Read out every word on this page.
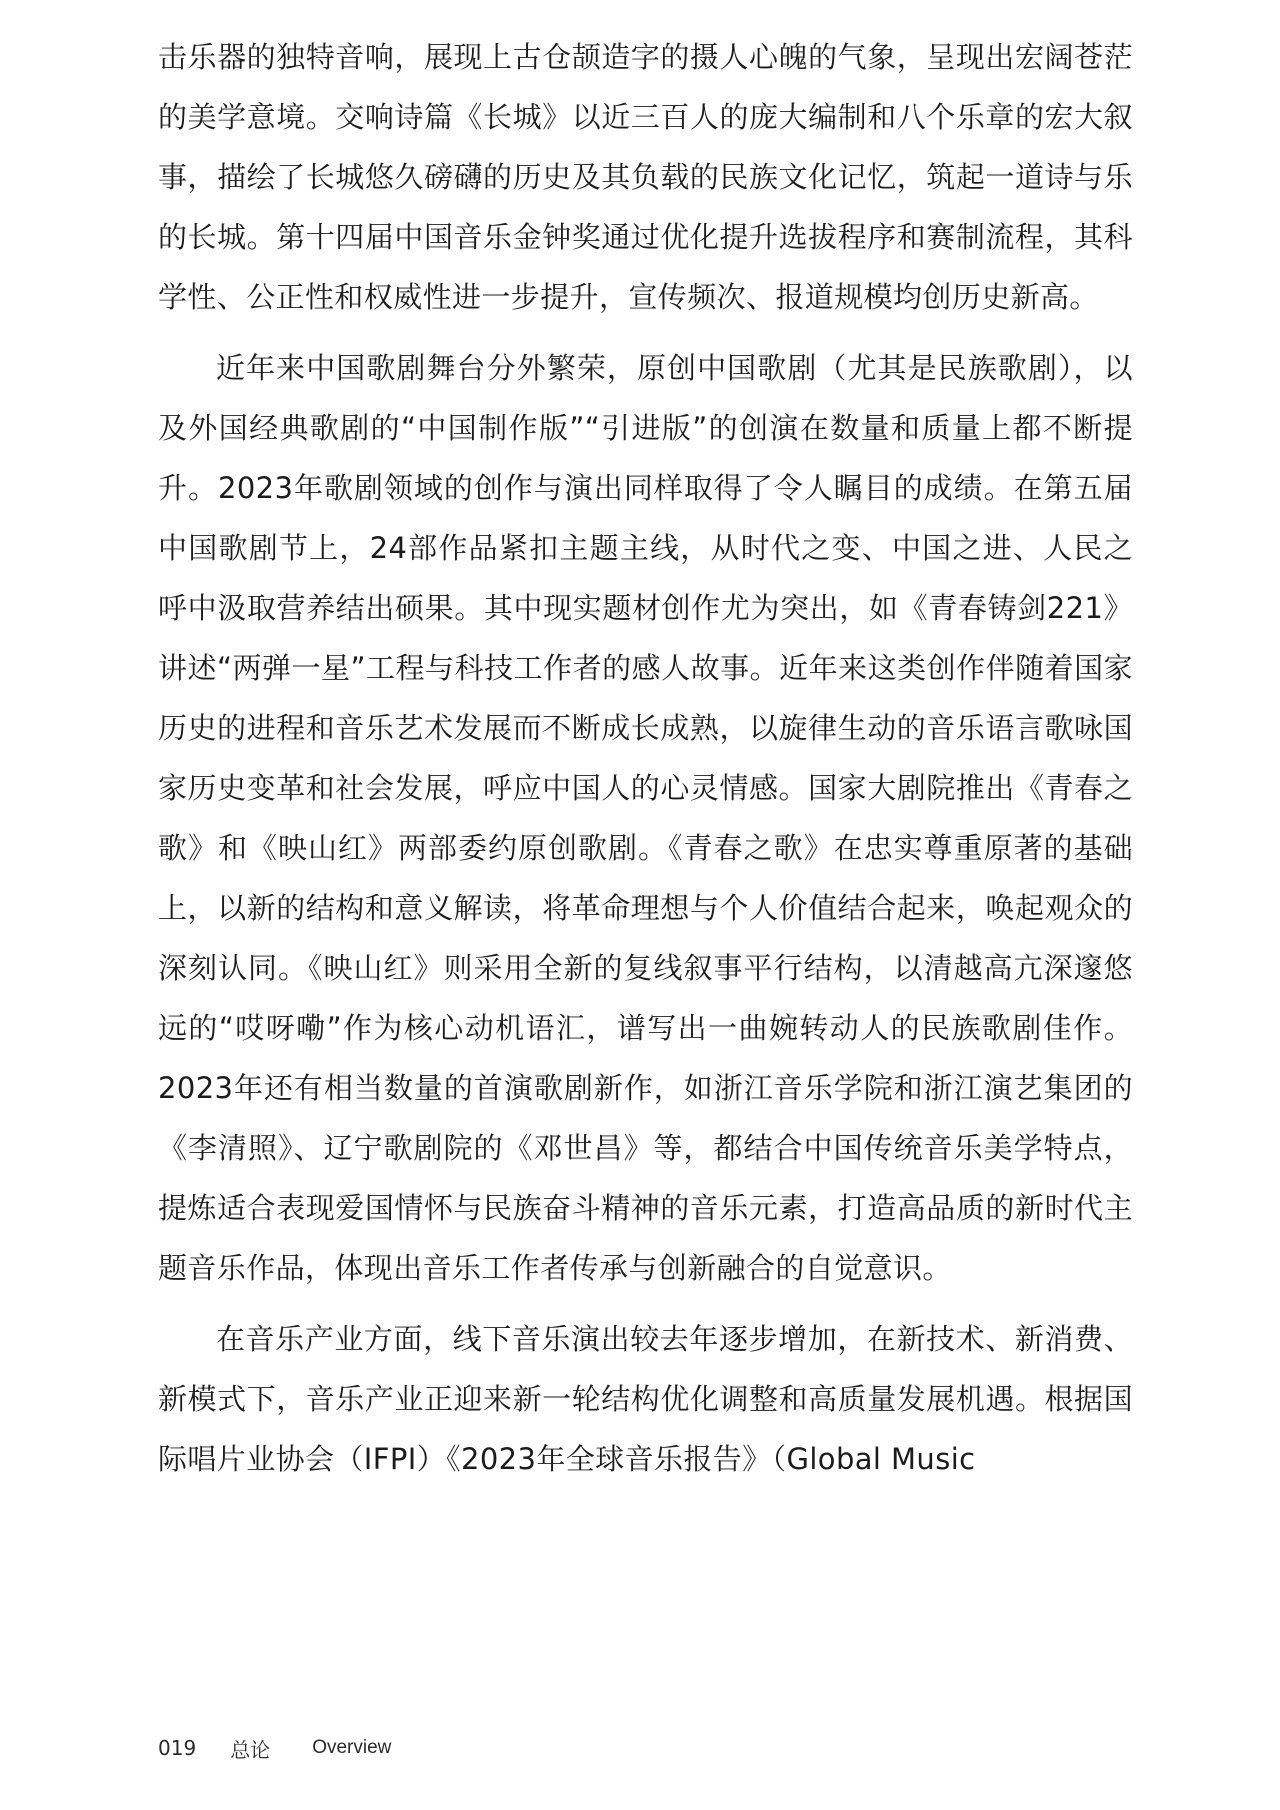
击乐器的独特音响，展现上古仓颉造字的摄人心魄的气象，呈现出宏阔苍茫的美学意境。交响诗篇《长城》以近三百人的庞大编制和八个乐章的宏大叙事，描绘了长城悠久磅礴的历史及其负载的民族文化记忆，筑起一道诗与乐的长城。第十四届中国音乐金钟奖通过优化提升选拔程序和赛制流程，其科学性、公正性和权威性进一步提升，宣传频次、报道规模均创历史新高。

近年来中国歌剧舞台分外繁荣，原创中国歌剧（尤其是民族歌剧），以及外国经典歌剧的“中国制作版”“引进版”的创演在数量和质量上都不断提升。2023年歌剧领域的创作与演出同样取得了令人瞩目的成绩。在第五届中国歌剧节上，24部作品紧扣主题主线，从时代之变、中国之进、人民之呼中汲取营养结出硕果。其中现实题材创作尤为突出，如《青春铸剑221》讲述“两弹一星”工程与科技工作者的感人故事。近年来这类创作伴随着国家历史的进程和音乐艺术发展而不断成长成熟，以旋律生动的音乐语言歌咏国家历史变革和社会发展，呼应中国人的心灵情感。国家大剧院推出《青春之歌》和《映山红》两部委约原创歌剧。《青春之歌》在忠实尊重原著的基础上，以新的结构和意义解读，将革命理想与个人价值结合起来，唤起观众的深刻认同。《映山红》则采用全新的复线叙事平行结构，以清越高亢深邃悠远的“哎呀嘞”作为核心动机语汇，谱写出一曲婉转动人的民族歌剧佳作。2023年还有相当数量的首演歌剧新作，如浙江音乐学院和浙江演艺集团的《李清照》、辽宁歌剧院的《邓世昌》等，都结合中国传统音乐美学特点，提炼适合表现爱国情怀与民族奋斗精神的音乐元素，打造高品质的新时代主题音乐作品，体现出音乐工作者传承与创新融合的自觉意识。

在音乐产业方面，线下音乐演出较去年逐步增加，在新技术、新消费、新模式下，音乐产业正迎来新一轮结构优化调整和高质量发展机遇。根据国际唱片业协会（IFPI）《2023年全球音乐报告》（Global Music

019 总论 Overview
